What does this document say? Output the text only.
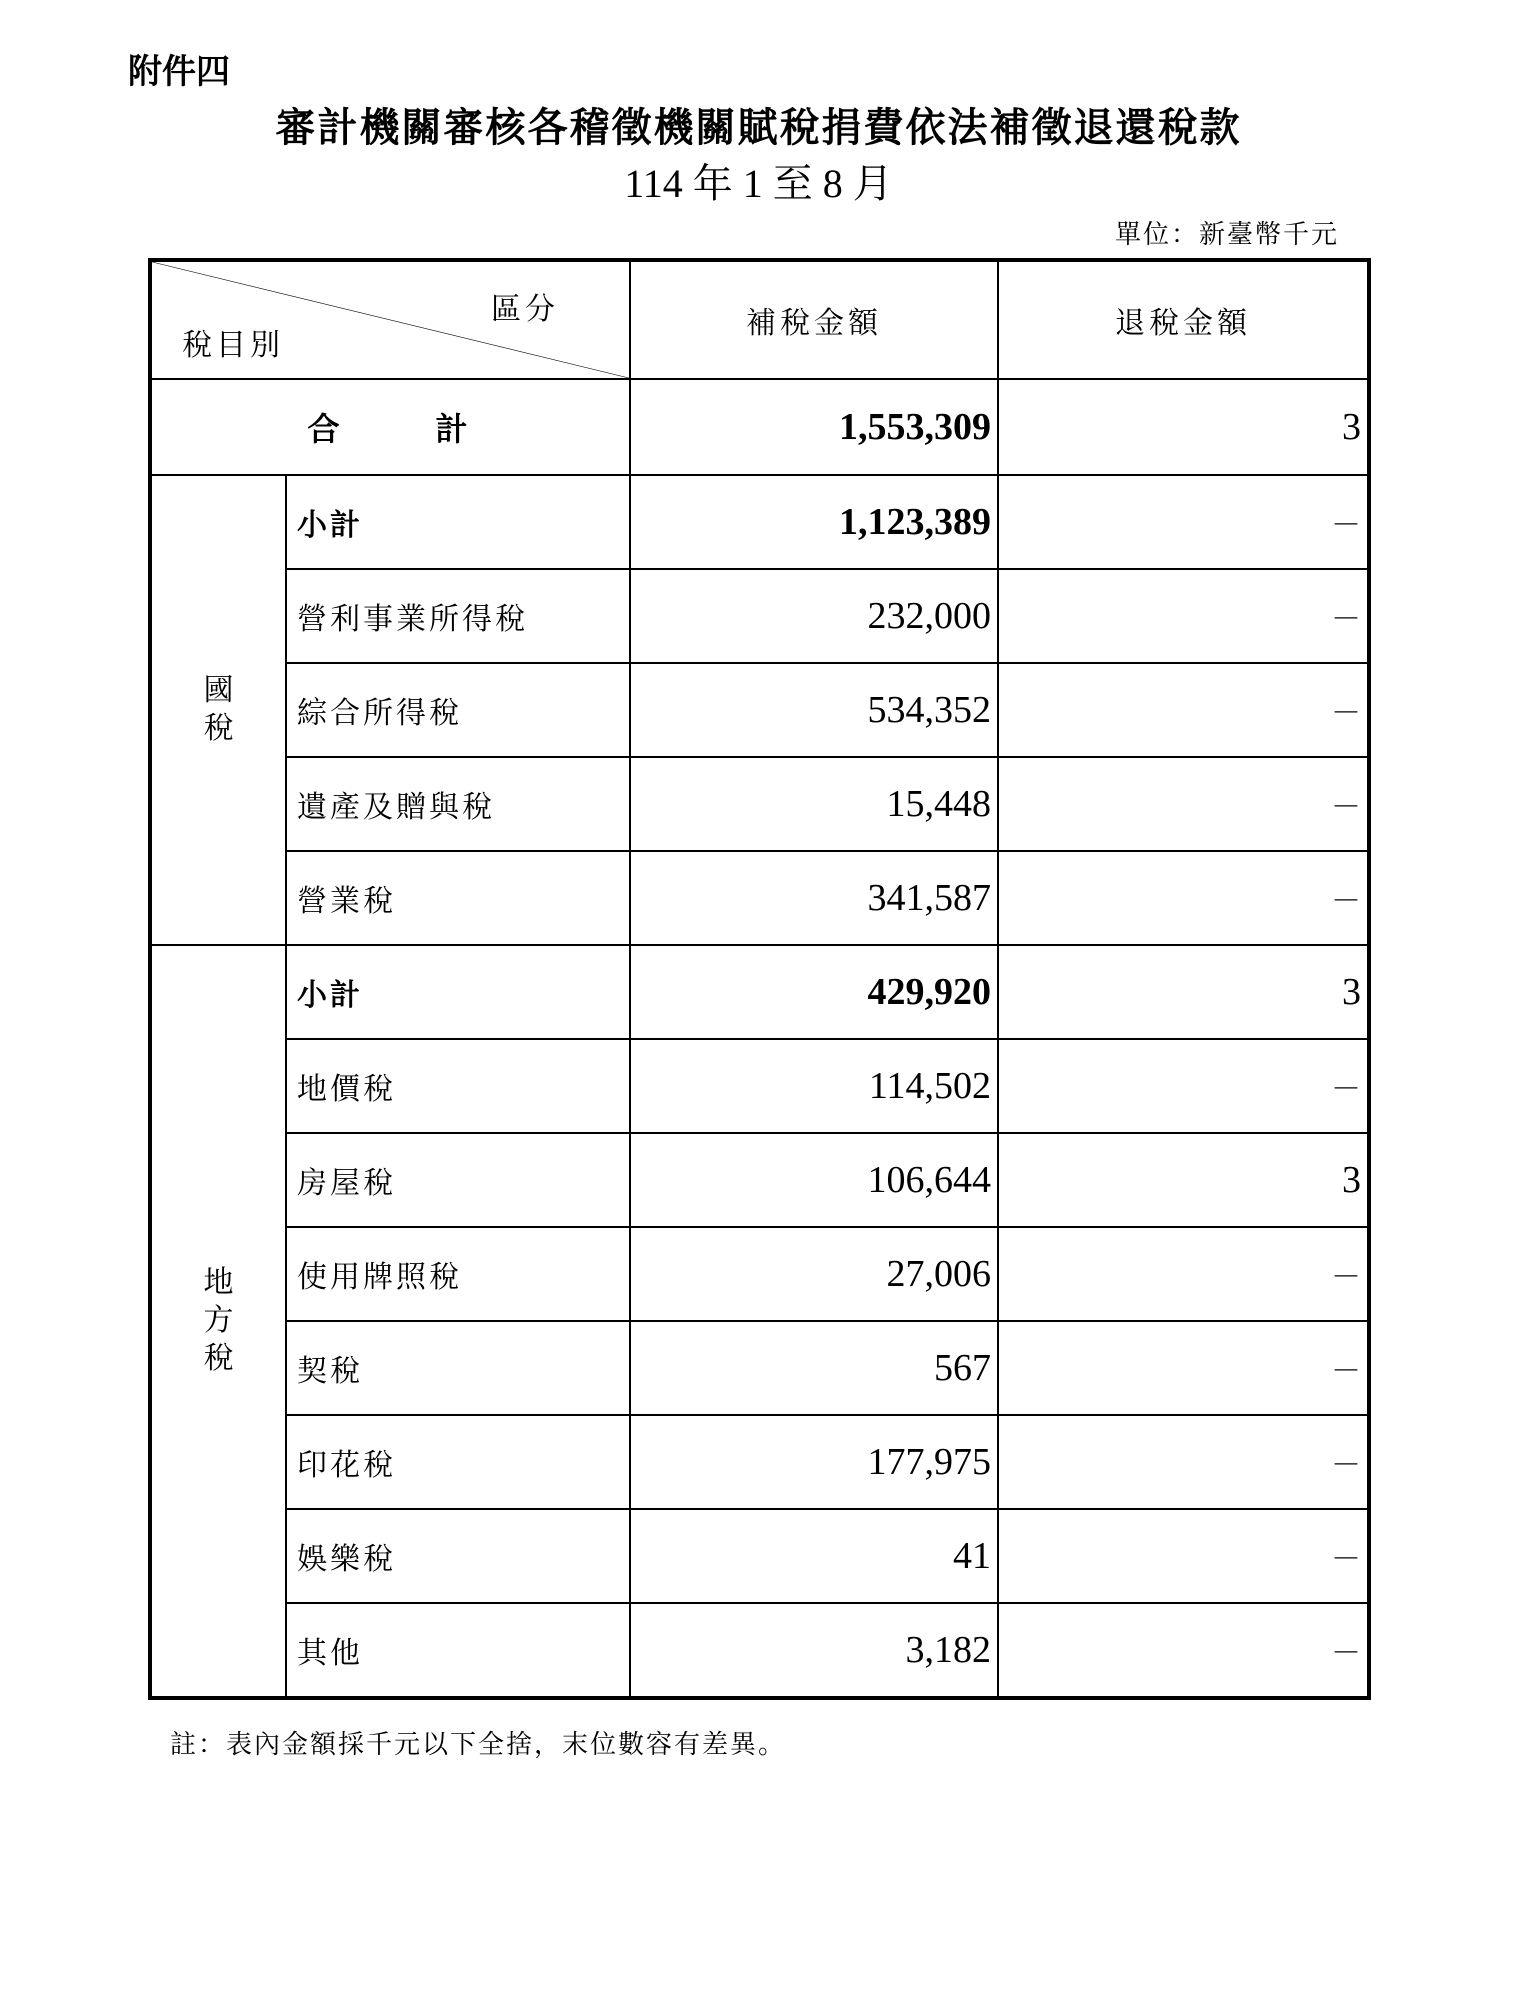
附件四
審計機關審核各稽徵機關賦稅捐費依法補徵退還稅款
114 年 1 至 8 月
單位：新臺幣千元
區分
稅目別		補稅金額	退稅金額
合計		1,553,309	3

國
稅	小計	1,123,389	－
	營利事業所得稅	232,000	－
	綜合所得稅	534,352	－
	遺產及贈與稅	15,448	－
	營業稅	341,587	－

地
方
稅	小計	429,920	3
	地價稅	114,502	－
	房屋稅	106,644	3
	使用牌照稅	27,006	－
	契稅	567	－
	印花稅	177,975	－
	娛樂稅	41	－
	其他	3,182	－
註：表內金額採千元以下全捨，末位數容有差異。
